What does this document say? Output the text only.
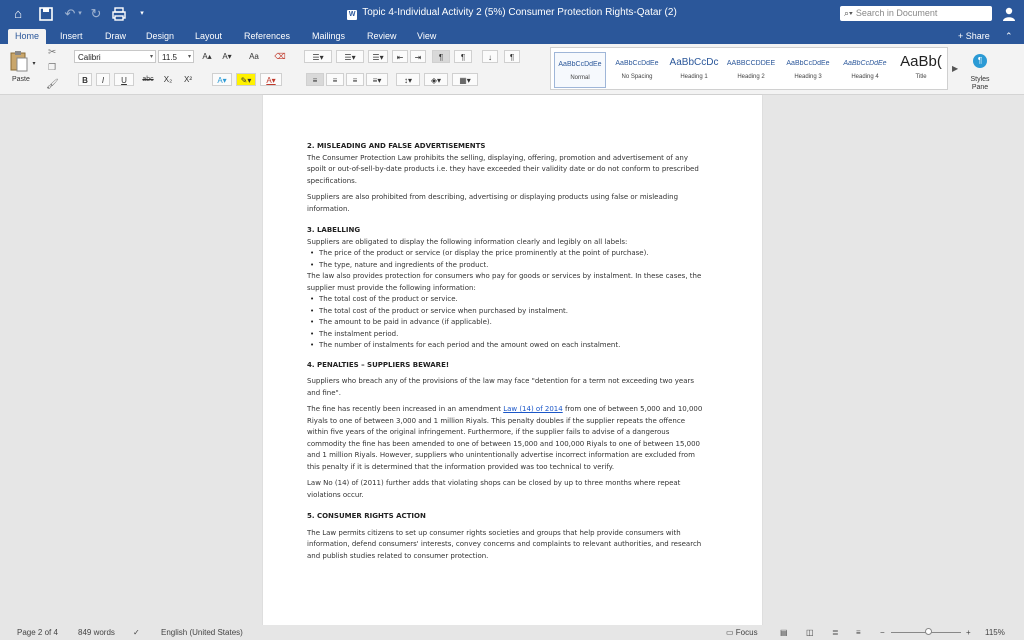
⌂	↶ ▾ ↻	▾	W Topic 4-Individual Activity 2 (5%) Consumer Protection Rights-Qatar (2)	⌕▾ Search in Document
Home	Insert	Draw	Design	Layout	References	Mailings	Review	View	+ Share ⌃
Paste
▾
✂
❐
🖌
Calibri	▾	11.5 ▾	A▴	A▾	Aa	⌫
B	I	U	abc	X₂	X²	A▾	✎▾	A▾
☰▾	☰▾	☰▾	⇤	⇥	¶	¶	↓	¶
≡	≡	≡	≡▾	↕▾	◈▾	▦▾
AaBbCcDdEe
Normal
AaBbCcDdEe
No Spacing
AaBbCcDc
Heading 1
AABBCCDDEE
Heading 2
AaBbCcDdEe
Heading 3
AaBbCcDdEe
Heading 4
AaBb(
Title
▶
¶
Styles Pane
2. MISLEADING AND FALSE ADVERTISEMENTS

The Consumer Protection Law prohibits the selling, displaying, offering, promotion and advertisement of any spoilt or out-of-sell-by-date products i.e. they have exceeded their validity date or do not conform to prescribed specifications.

Suppliers are also prohibited from describing, advertising or displaying products using false or misleading information.

3. LABELLING

Suppliers are obligated to display the following information clearly and legibly on all labels:

• The price of the product or service (or display the price prominently at the point of purchase).
• The type, nature and ingredients of the product.

The law also provides protection for consumers who pay for goods or services by instalment. In these cases, the supplier must provide the following information:

• The total cost of the product or service.
• The total cost of the product or service when purchased by instalment.
• The amount to be paid in advance (if applicable).
• The instalment period.
• The number of instalments for each period and the amount owed on each instalment.
4. PENALTIES – SUPPLIERS BEWARE!

Suppliers who breach any of the provisions of the law may face "detention for a term not exceeding two years and fine".

The fine has recently been increased in an amendment Law (14) of 2014 from one of between 5,000 and 10,000 Riyals to one of between 3,000 and 1 million Riyals. This penalty doubles if the supplier repeats the offence within five years of the original infringement. Furthermore, if the supplier fails to advise of a dangerous commodity the fine has been amended to one of between 15,000 and 100,000 Riyals to one of between 15,000 and 1 million Riyals. However, suppliers who unintentionally advertise incorrect information are excluded from this penalty if it is determined that the information provided was too technical to verify.

Law No (14) of (2011) further adds that violating shops can be closed by up to three months where repeat violations occur.

5. CONSUMER RIGHTS ACTION

The Law permits citizens to set up consumer rights societies and groups that help provide consumers with information, defend consumers' interests, convey concerns and complaints to relevant authorities, and research and publish studies related to consumer protection.

Page 2 of 4	849 words ✓	English (United States)	▭ Focus	▤ ◫ ≣ ≡ −	+ 115%
